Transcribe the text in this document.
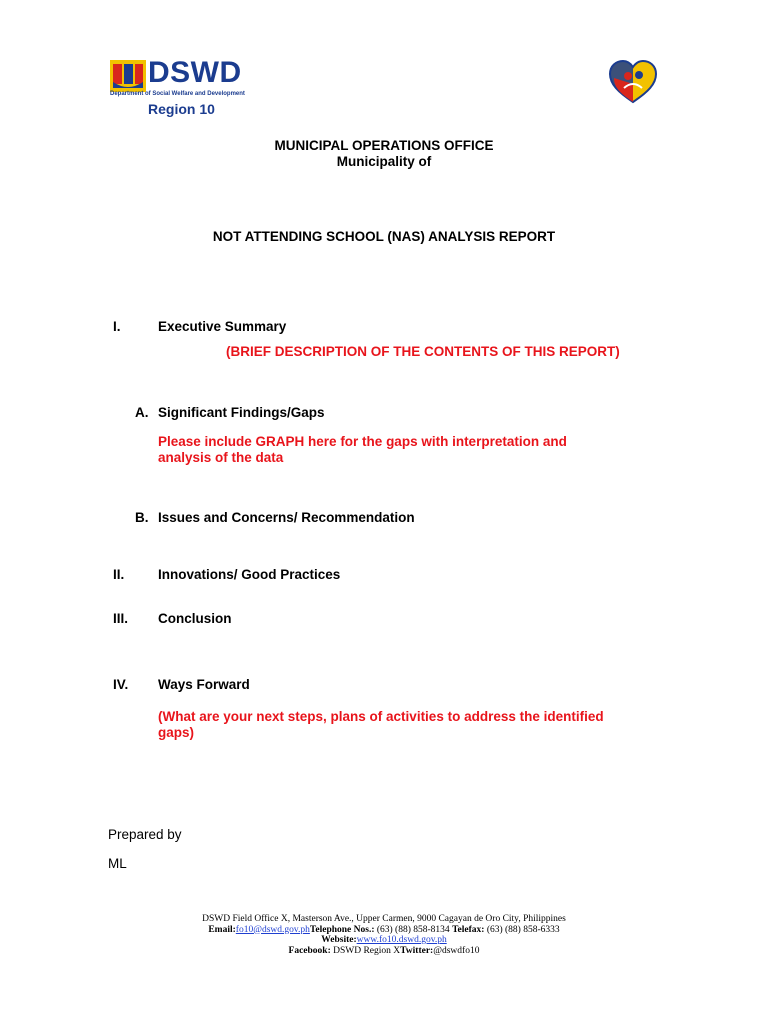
DSWD
Department of Social Welfare and Development
Region 10
MUNICIPAL OPERATIONS OFFICE
Municipality of
NOT ATTENDING SCHOOL (NAS) ANALYSIS REPORT
I.	Executive Summary
(BRIEF DESCRIPTION OF THE CONTENTS OF THIS REPORT)
A. Significant Findings/Gaps
Please include GRAPH here for the gaps with interpretation and
analysis of the data
B. Issues and Concerns/ Recommendation
II. Innovations/ Good Practices
III. Conclusion
IV. Ways Forward
(What are your next steps, plans of activities to address the identified
gaps)
Prepared by
ML
DSWD Field Office X, Masterson Ave., Upper Carmen, 9000 Cagayan de Oro City, Philippines
Email:fo10@dswd.gov.phTelephone Nos.: (63) (88) 858-8134 Telefax: (63) (88) 858-6333
Website:www.fo10.dswd.gov.ph
Facebook: DSWD Region XTwitter:@dswdfo10
